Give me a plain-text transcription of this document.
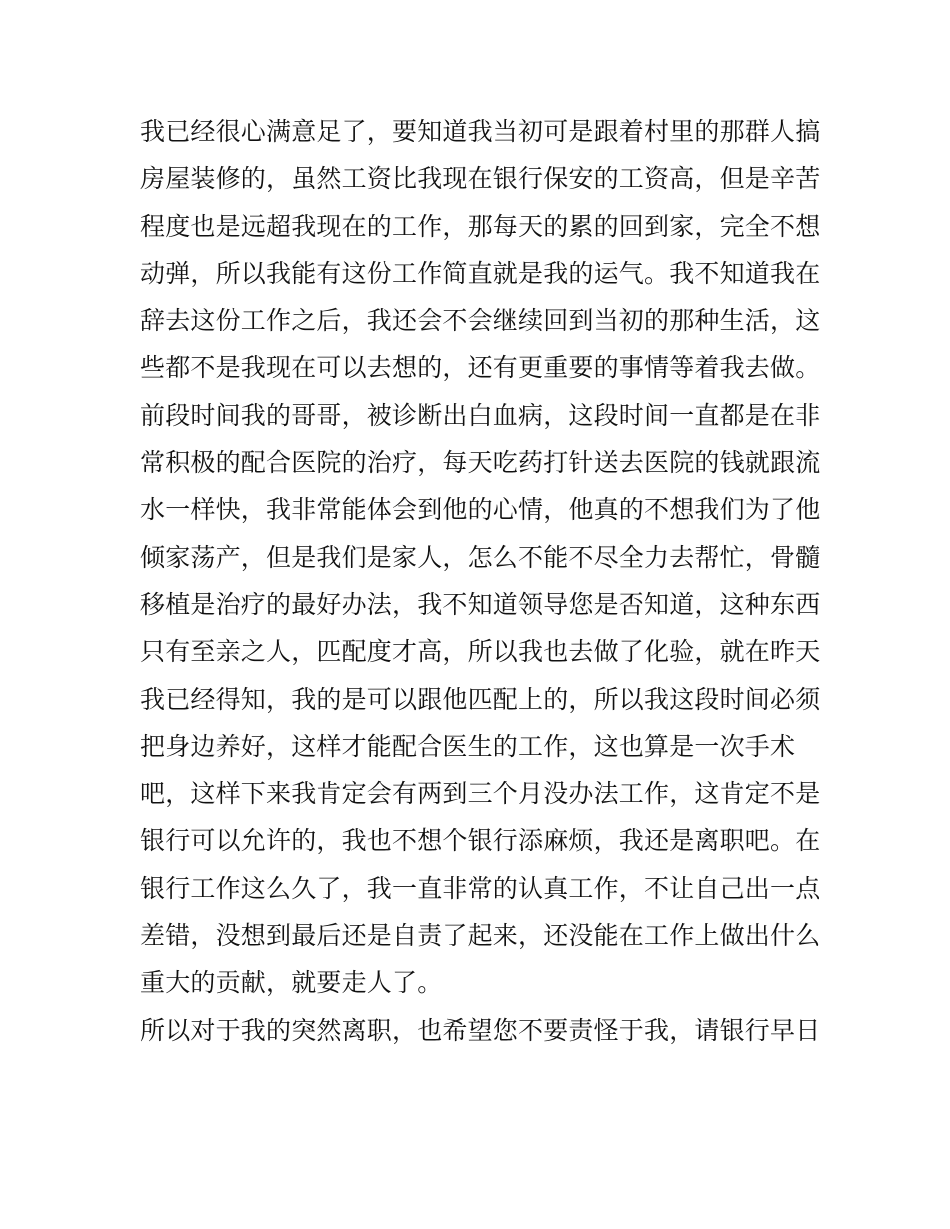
我已经很心满意足了，要知道我当初可是跟着村里的那群人搞
房屋装修的，虽然工资比我现在银行保安的工资高，但是辛苦
程度也是远超我现在的工作，那每天的累的回到家，完全不想
动弹，所以我能有这份工作简直就是我的运气。我不知道我在
辞去这份工作之后，我还会不会继续回到当初的那种生活，这
些都不是我现在可以去想的，还有更重要的事情等着我去做。
前段时间我的哥哥，被诊断出白血病，这段时间一直都是在非
常积极的配合医院的治疗，每天吃药打针送去医院的钱就跟流
水一样快，我非常能体会到他的心情，他真的不想我们为了他
倾家荡产，但是我们是家人，怎么不能不尽全力去帮忙，骨髓
移植是治疗的最好办法，我不知道领导您是否知道，这种东西
只有至亲之人，匹配度才高，所以我也去做了化验，就在昨天
我已经得知，我的是可以跟他匹配上的，所以我这段时间必须
把身边养好，这样才能配合医生的工作，这也算是一次手术
吧，这样下来我肯定会有两到三个月没办法工作，这肯定不是
银行可以允许的，我也不想个银行添麻烦，我还是离职吧。在
银行工作这么久了，我一直非常的认真工作，不让自己出一点
差错，没想到最后还是自责了起来，还没能在工作上做出什么
重大的贡献，就要走人了。
所以对于我的突然离职，也希望您不要责怪于我，请银行早日
